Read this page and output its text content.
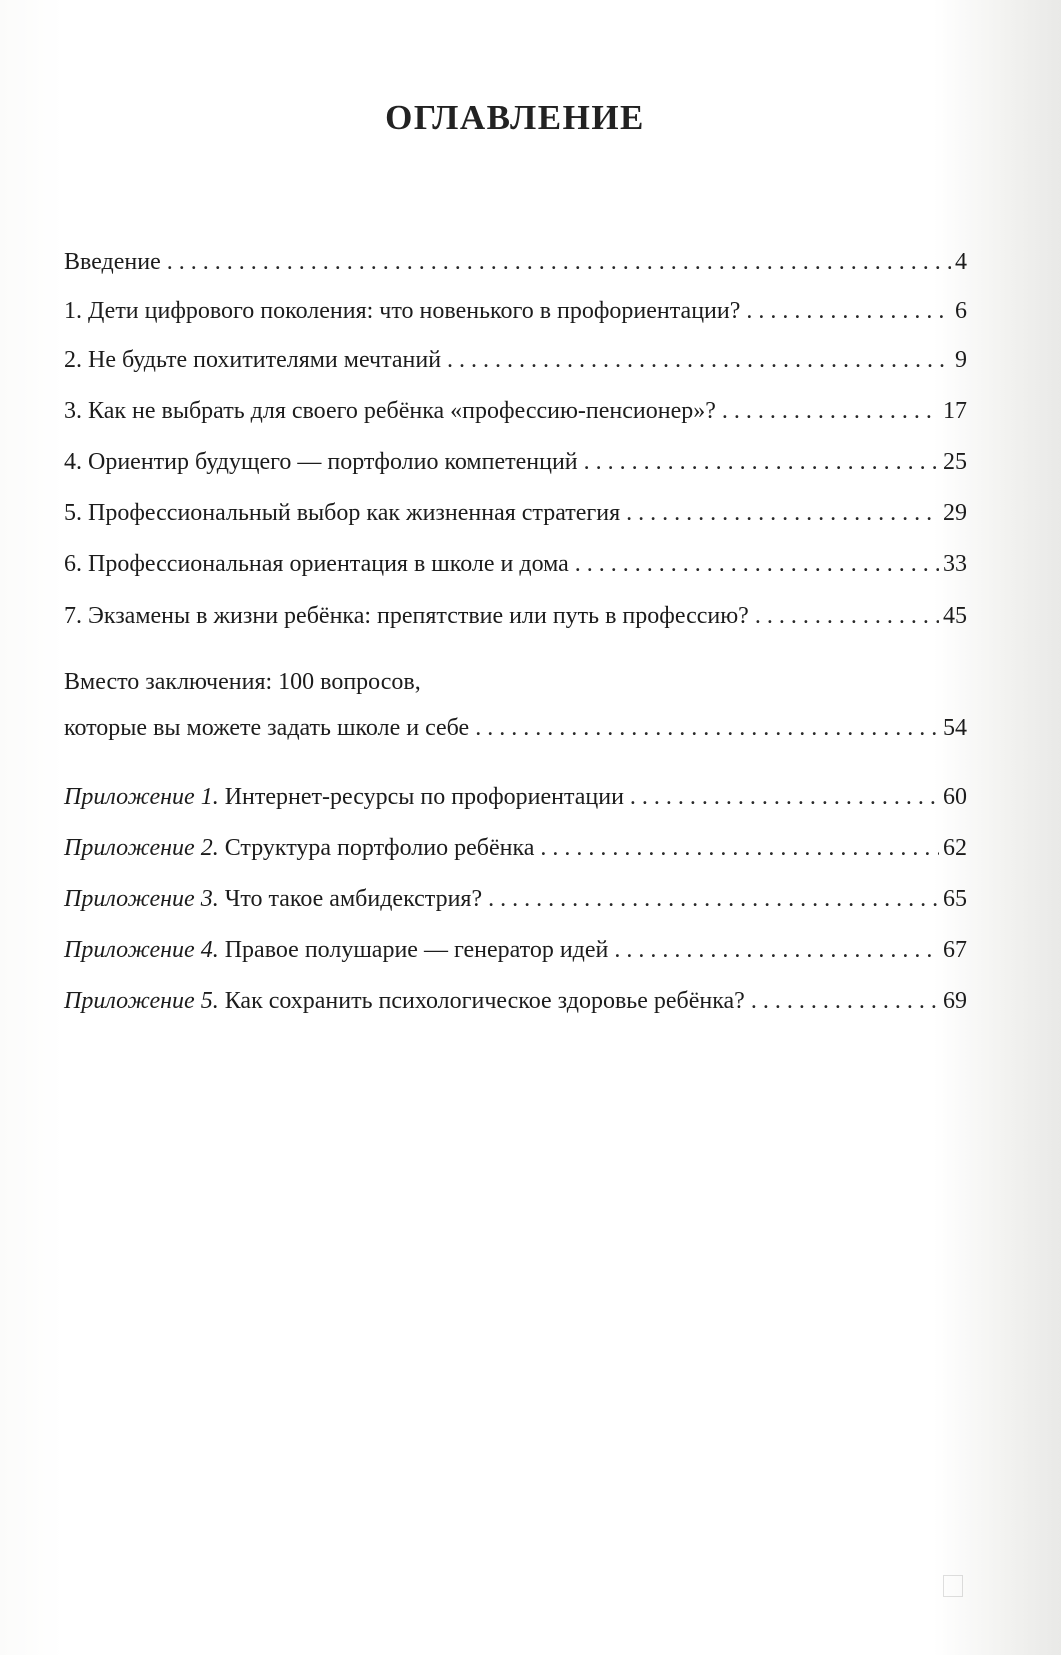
ОГЛАВЛЕНИЕ
Введение . . .	4
1. Дети цифрового поколения: что новенького в профориентации? . . .	6
2. Не будьте похитителями мечтаний . . .	9
3. Как не выбрать для своего ребёнка «профессию-пенсионер»? . . .	17
4. Ориентир будущего — портфолио компетенций . . .	25
5. Профессиональный выбор как жизненная стратегия . . .	29
6. Профессиональная ориентация в школе и дома . . .	33
7. Экзамены в жизни ребёнка: препятствие или путь в профессию? . . .	45
Вместо заключения: 100 вопросов,
которые вы можете задать школе и себе . . .	54
Приложение 1. Интернет-ресурсы по профориентации . . .	60
Приложение 2. Структура портфолио ребёнка . . .	62
Приложение 3. Что такое амбидекстрия? . . .	65
Приложение 4. Правое полушарие — генератор идей . . .	67
Приложение 5. Как сохранить психологическое здоровье ребёнка? . . .	69
